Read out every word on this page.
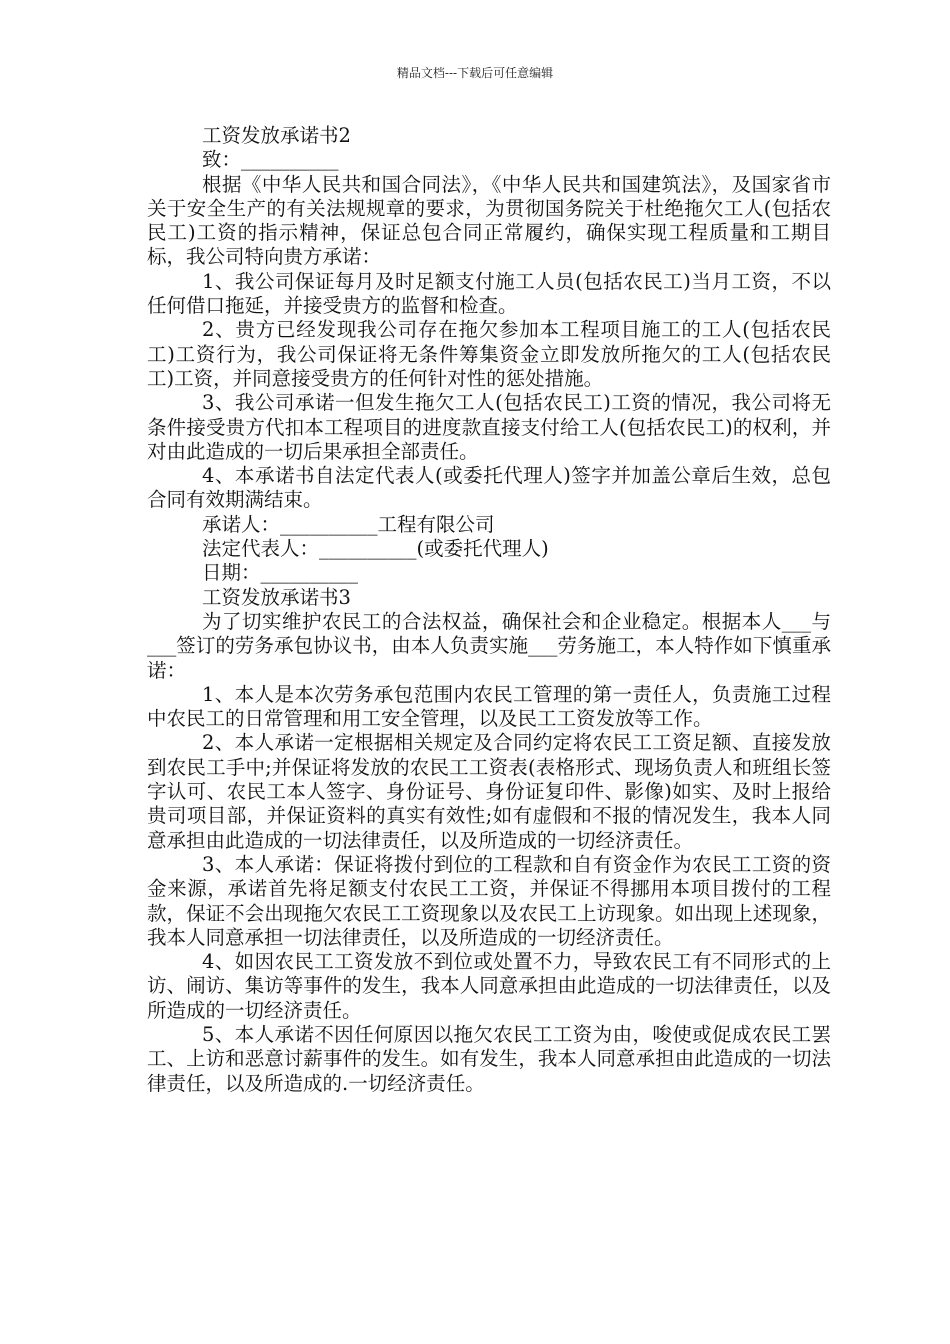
精品文档---下载后可任意编辑

工资发放承诺书2

致：__________

根据《中华人民共和国合同法》，《中华人民共和国建筑法》，及国家省市关于安全生产的有关法规规章的要求，为贯彻国务院关于杜绝拖欠工人(包括农民工)工资的指示精神，保证总包合同正常履约，确保实现工程质量和工期目标，我公司特向贵方承诺：

1、我公司保证每月及时足额支付施工人员(包括农民工)当月工资，不以任何借口拖延，并接受贵方的监督和检查。

2、贵方已经发现我公司存在拖欠参加本工程项目施工的工人(包括农民工)工资行为，我公司保证将无条件筹集资金立即发放所拖欠的工人(包括农民工)工资，并同意接受贵方的任何针对性的惩处措施。

3、我公司承诺一但发生拖欠工人(包括农民工)工资的情况，我公司将无条件接受贵方代扣本工程项目的进度款直接支付给工人(包括农民工)的权利，并对由此造成的一切后果承担全部责任。

4、本承诺书自法定代表人(或委托代理人)签字并加盖公章后生效，总包合同有效期满结束。

承诺人：__________工程有限公司

法定代表人：__________(或委托代理人)

日期：__________

工资发放承诺书3

为了切实维护农民工的合法权益，确保社会和企业稳定。根据本人___与___签订的劳务承包协议书，由本人负责实施___劳务施工，本人特作如下慎重承诺：

1、本人是本次劳务承包范围内农民工管理的第一责任人，负责施工过程中农民工的日常管理和用工安全管理，以及民工工资发放等工作。

2、本人承诺一定根据相关规定及合同约定将农民工工资足额、直接发放到农民工手中;并保证将发放的农民工工资表(表格形式、现场负责人和班组长签字认可、农民工本人签字、身份证号、身份证复印件、影像)如实、及时上报给贵司项目部，并保证资料的真实有效性;如有虚假和不报的情况发生，我本人同意承担由此造成的一切法律责任，以及所造成的一切经济责任。

3、本人承诺：保证将拨付到位的工程款和自有资金作为农民工工资的资金来源，承诺首先将足额支付农民工工资，并保证不得挪用本项目拨付的工程款，保证不会出现拖欠农民工工资现象以及农民工上访现象。如出现上述现象，我本人同意承担一切法律责任，以及所造成的一切经济责任。

4、如因农民工工资发放不到位或处置不力，导致农民工有不同形式的上访、闹访、集访等事件的发生，我本人同意承担由此造成的一切法律责任，以及所造成的一切经济责任。

5、本人承诺不因任何原因以拖欠农民工工资为由，唆使或促成农民工罢工、上访和恶意讨薪事件的发生。如有发生，我本人同意承担由此造成的一切法律责任，以及所造成的.一切经济责任。
